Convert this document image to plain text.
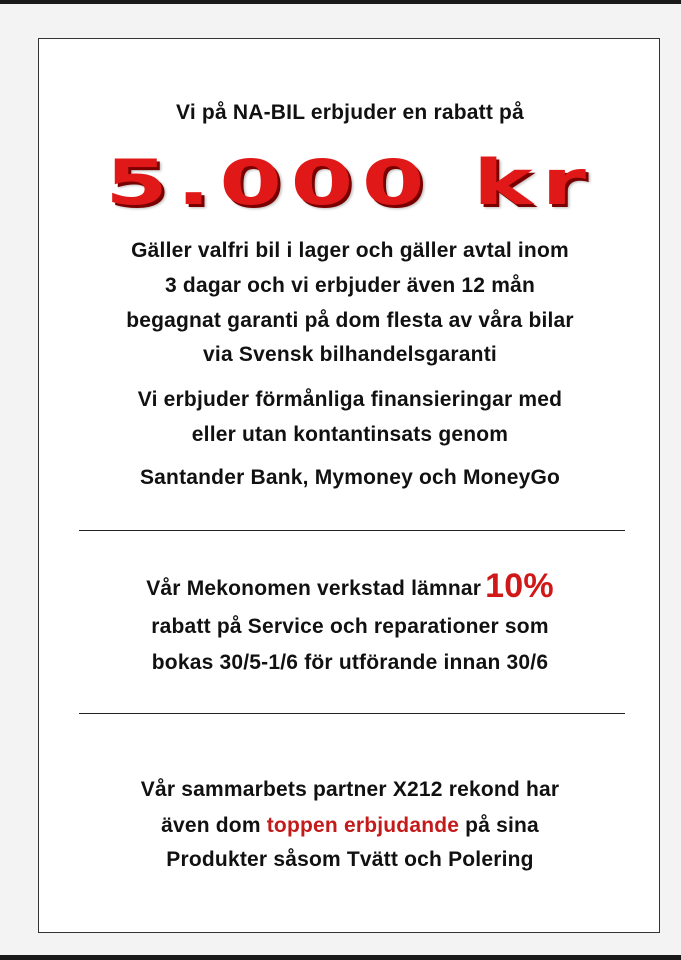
Vi på NA-BIL erbjuder en rabatt på
5.000 kr
Gäller valfri bil i lager och gäller avtal inom
3 dagar och vi erbjuder även 12 mån
begagnat garanti på dom flesta av våra bilar
via Svensk bilhandelsgaranti
Vi erbjuder förmånliga finansieringar med
eller utan kontantinsats genom
Santander Bank, Mymoney och MoneyGo
Vår Mekonomen verkstad lämnar 10%
rabatt på Service och reparationer som
bokas 30/5-1/6 för utförande innan 30/6
Vår sammarbets partner X212 rekond har
även dom toppen erbjudande på sina
Produkter såsom Tvätt och Polering
